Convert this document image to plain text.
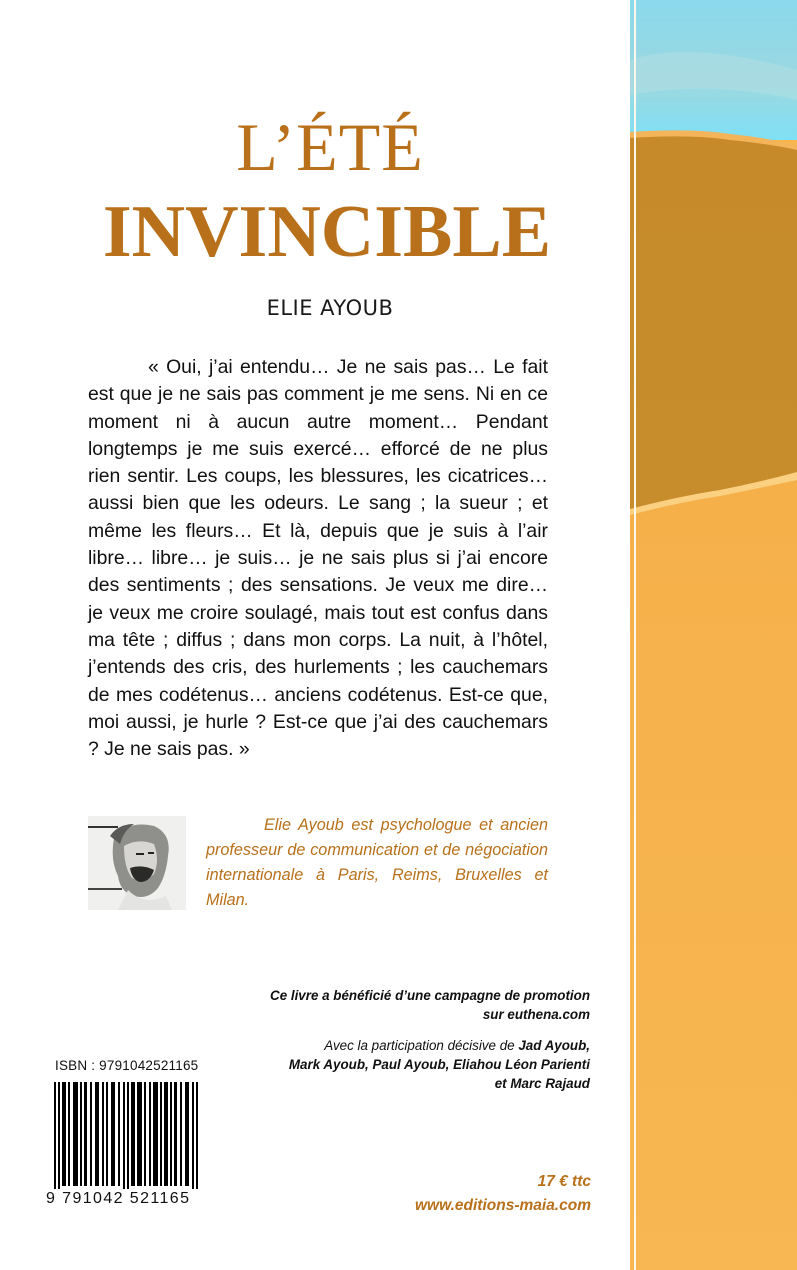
L’ÉTÉ
INVINCIBLE
ELIE AYOUB

« Oui, j’ai entendu… Je ne sais pas… Le fait est que je ne sais pas comment je me sens. Ni en ce moment ni à aucun autre moment… Pendant longtemps je me suis exercé… efforcé de ne plus rien sentir. Les coups, les blessures, les cicatrices… aussi bien que les odeurs. Le sang ; la sueur ; et même les fleurs… Et là, depuis que je suis à l’air libre… libre… je suis… je ne sais plus si j’ai encore des sentiments ; des sensations. Je veux me dire… je veux me croire soulagé, mais tout est confus dans ma tête ; diffus ; dans mon corps. La nuit, à l’hôtel, j’entends des cris, des hurlements ; les cauchemars de mes codétenus… anciens codétenus. Est-ce que, moi aussi, je hurle ? Est-ce que j’ai des cauchemars ? Je ne sais pas. »

Elie Ayoub est psychologue et ancien professeur de communication et de négociation internationale à Paris, Reims, Bruxelles et Milan.

Ce livre a bénéficié d’une campagne de promotion
sur euthena.com

Avec la participation décisive de Jad Ayoub,
Mark Ayoub, Paul Ayoub, Eliahou Léon Parienti
et Marc Rajaud

ISBN : 9791042521165
9 791042 521165
17 € ttc
www.editions-maia.com
